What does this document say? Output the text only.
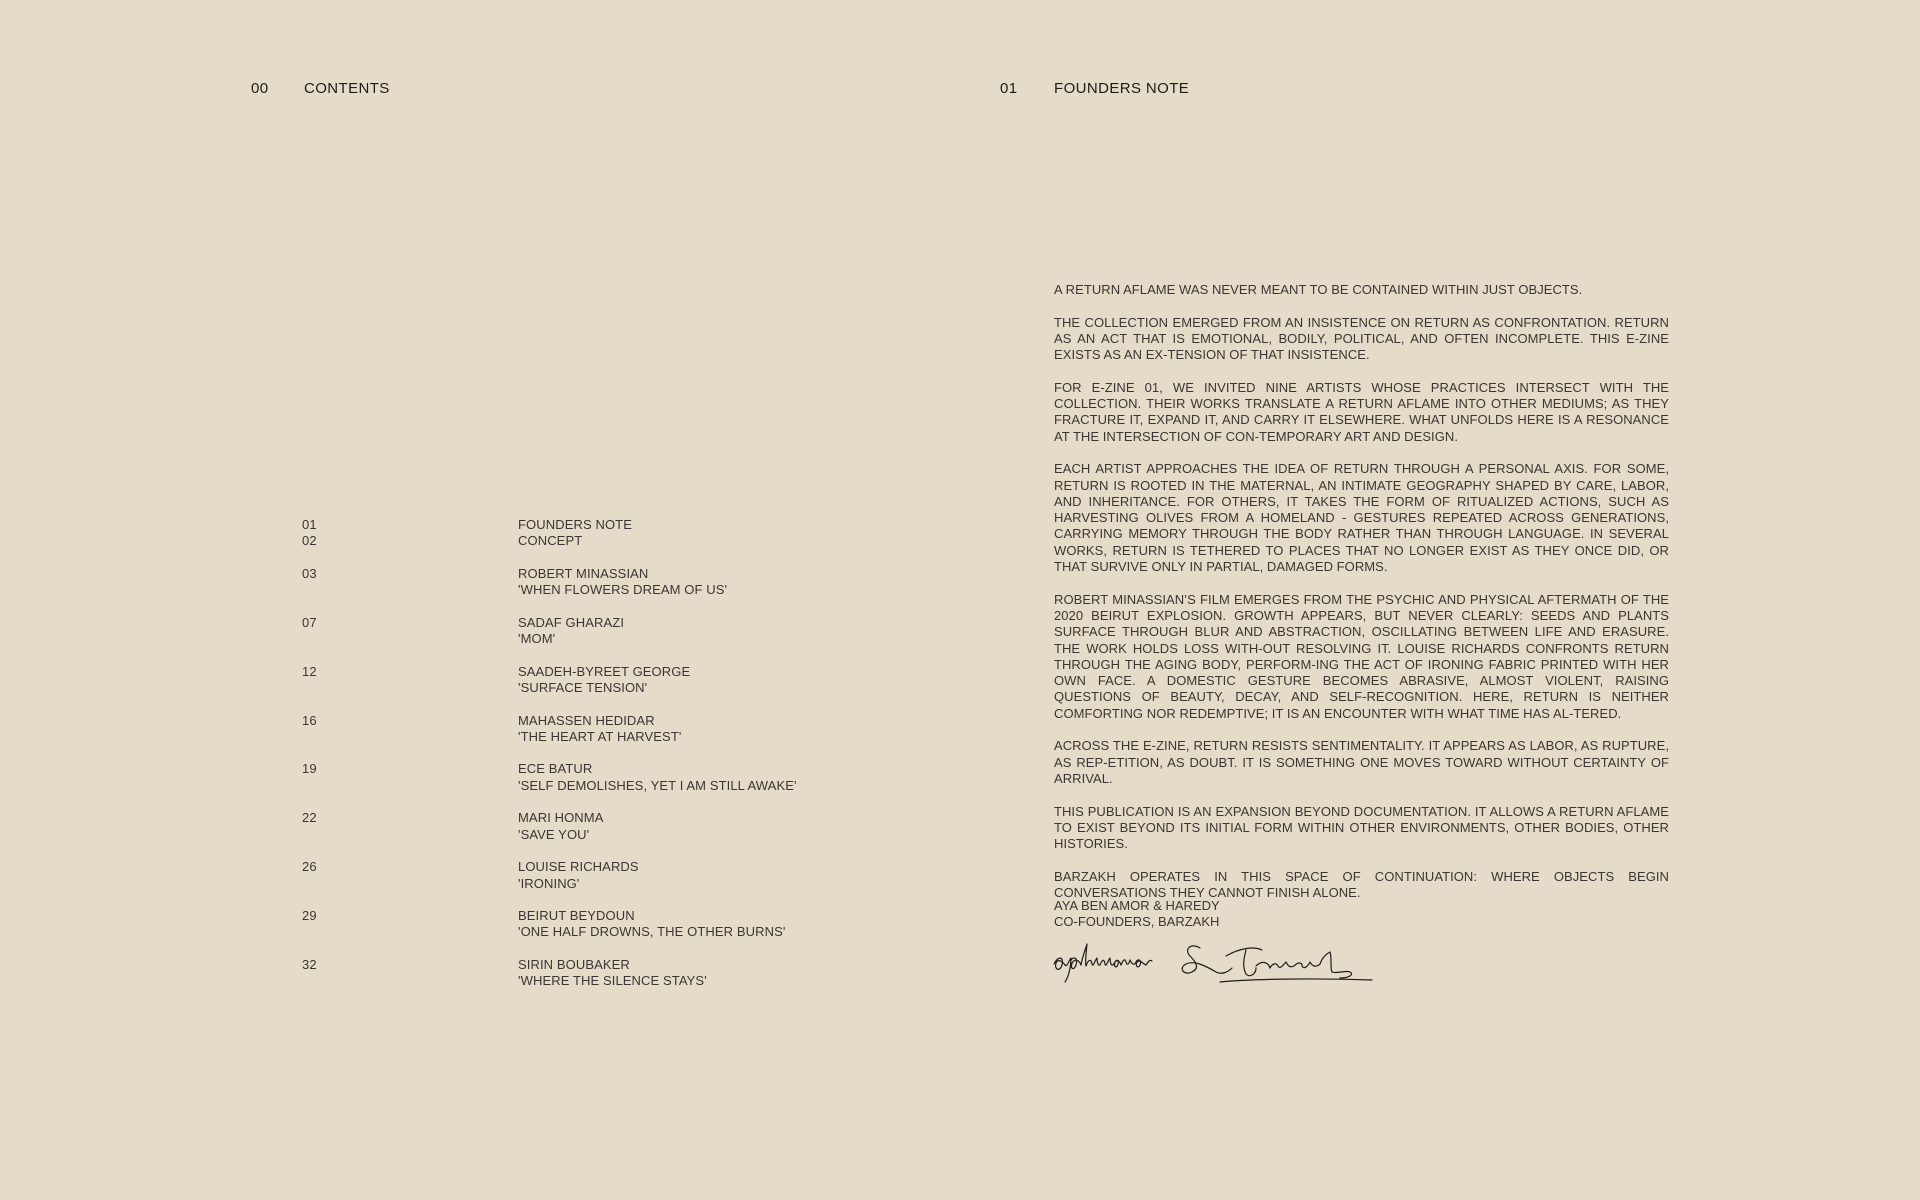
00 CONTENTS
01	FOUNDERS NOTE
02	CONCEPT
03	ROBERT MINASSIAN
'WHEN FLOWERS DREAM OF US'
07	SADAF GHARAZI
'MOM'
12	SAADEH-BYREET GEORGE
'SURFACE TENSION'
16	MAHASSEN HEDIDAR
'THE HEART AT HARVEST'
19	ECE BATUR
'SELF DEMOLISHES, YET I AM STILL AWAKE'
22	MARI HONMA
'SAVE YOU'
26	LOUISE RICHARDS
'IRONING'
29	BEIRUT BEYDOUN
'ONE HALF DROWNS, THE OTHER BURNS'
32	SIRIN BOUBAKER
'WHERE THE SILENCE STAYS'
01 FOUNDERS NOTE

A RETURN AFLAME WAS NEVER MEANT TO BE CONTAINED WITHIN JUST OBJECTS.

THE COLLECTION EMERGED FROM AN INSISTENCE ON RETURN AS CONFRONTATION. RETURN AS AN ACT THAT IS EMOTIONAL, BODILY, POLITICAL, AND OFTEN INCOMPLETE. THIS E-ZINE EXISTS AS AN EX-TENSION OF THAT INSISTENCE.

FOR E-ZINE 01, WE INVITED NINE ARTISTS WHOSE PRACTICES INTERSECT WITH THE COLLECTION. THEIR WORKS TRANSLATE A RETURN AFLAME INTO OTHER MEDIUMS; AS THEY FRACTURE IT, EXPAND IT, AND CARRY IT ELSEWHERE. WHAT UNFOLDS HERE IS A RESONANCE AT THE INTERSECTION OF CON-TEMPORARY ART AND DESIGN.

EACH ARTIST APPROACHES THE IDEA OF RETURN THROUGH A PERSONAL AXIS. FOR SOME, RETURN IS ROOTED IN THE MATERNAL, AN INTIMATE GEOGRAPHY SHAPED BY CARE, LABOR, AND INHERITANCE. FOR OTHERS, IT TAKES THE FORM OF RITUALIZED ACTIONS, SUCH AS HARVESTING OLIVES FROM A HOMELAND - GESTURES REPEATED ACROSS GENERATIONS, CARRYING MEMORY THROUGH THE BODY RATHER THAN THROUGH LANGUAGE. IN SEVERAL WORKS, RETURN IS TETHERED TO PLACES THAT NO LONGER EXIST AS THEY ONCE DID, OR THAT SURVIVE ONLY IN PARTIAL, DAMAGED FORMS.

ROBERT MINASSIAN’S FILM EMERGES FROM THE PSYCHIC AND PHYSICAL AFTERMATH OF THE 2020 BEIRUT EXPLOSION. GROWTH APPEARS, BUT NEVER CLEARLY: SEEDS AND PLANTS SURFACE THROUGH BLUR AND ABSTRACTION, OSCILLATING BETWEEN LIFE AND ERASURE. THE WORK HOLDS LOSS WITH-OUT RESOLVING IT. LOUISE RICHARDS CONFRONTS RETURN THROUGH THE AGING BODY, PERFORM-ING THE ACT OF IRONING FABRIC PRINTED WITH HER OWN FACE. A DOMESTIC GESTURE BECOMES ABRASIVE, ALMOST VIOLENT, RAISING QUESTIONS OF BEAUTY, DECAY, AND SELF-RECOGNITION. HERE, RETURN IS NEITHER COMFORTING NOR REDEMPTIVE; IT IS AN ENCOUNTER WITH WHAT TIME HAS AL-TERED.

ACROSS THE E-ZINE, RETURN RESISTS SENTIMENTALITY. IT APPEARS AS LABOR, AS RUPTURE, AS REP-ETITION, AS DOUBT. IT IS SOMETHING ONE MOVES TOWARD WITHOUT CERTAINTY OF ARRIVAL.

THIS PUBLICATION IS AN EXPANSION BEYOND DOCUMENTATION. IT ALLOWS A RETURN AFLAME TO EXIST BEYOND ITS INITIAL FORM WITHIN OTHER ENVIRONMENTS, OTHER BODIES, OTHER HISTORIES.

BARZAKH OPERATES IN THIS SPACE OF CONTINUATION: WHERE OBJECTS BEGIN CONVERSATIONS THEY CANNOT FINISH ALONE.

AYA BEN AMOR & HAREDY
CO-FOUNDERS, BARZAKH
